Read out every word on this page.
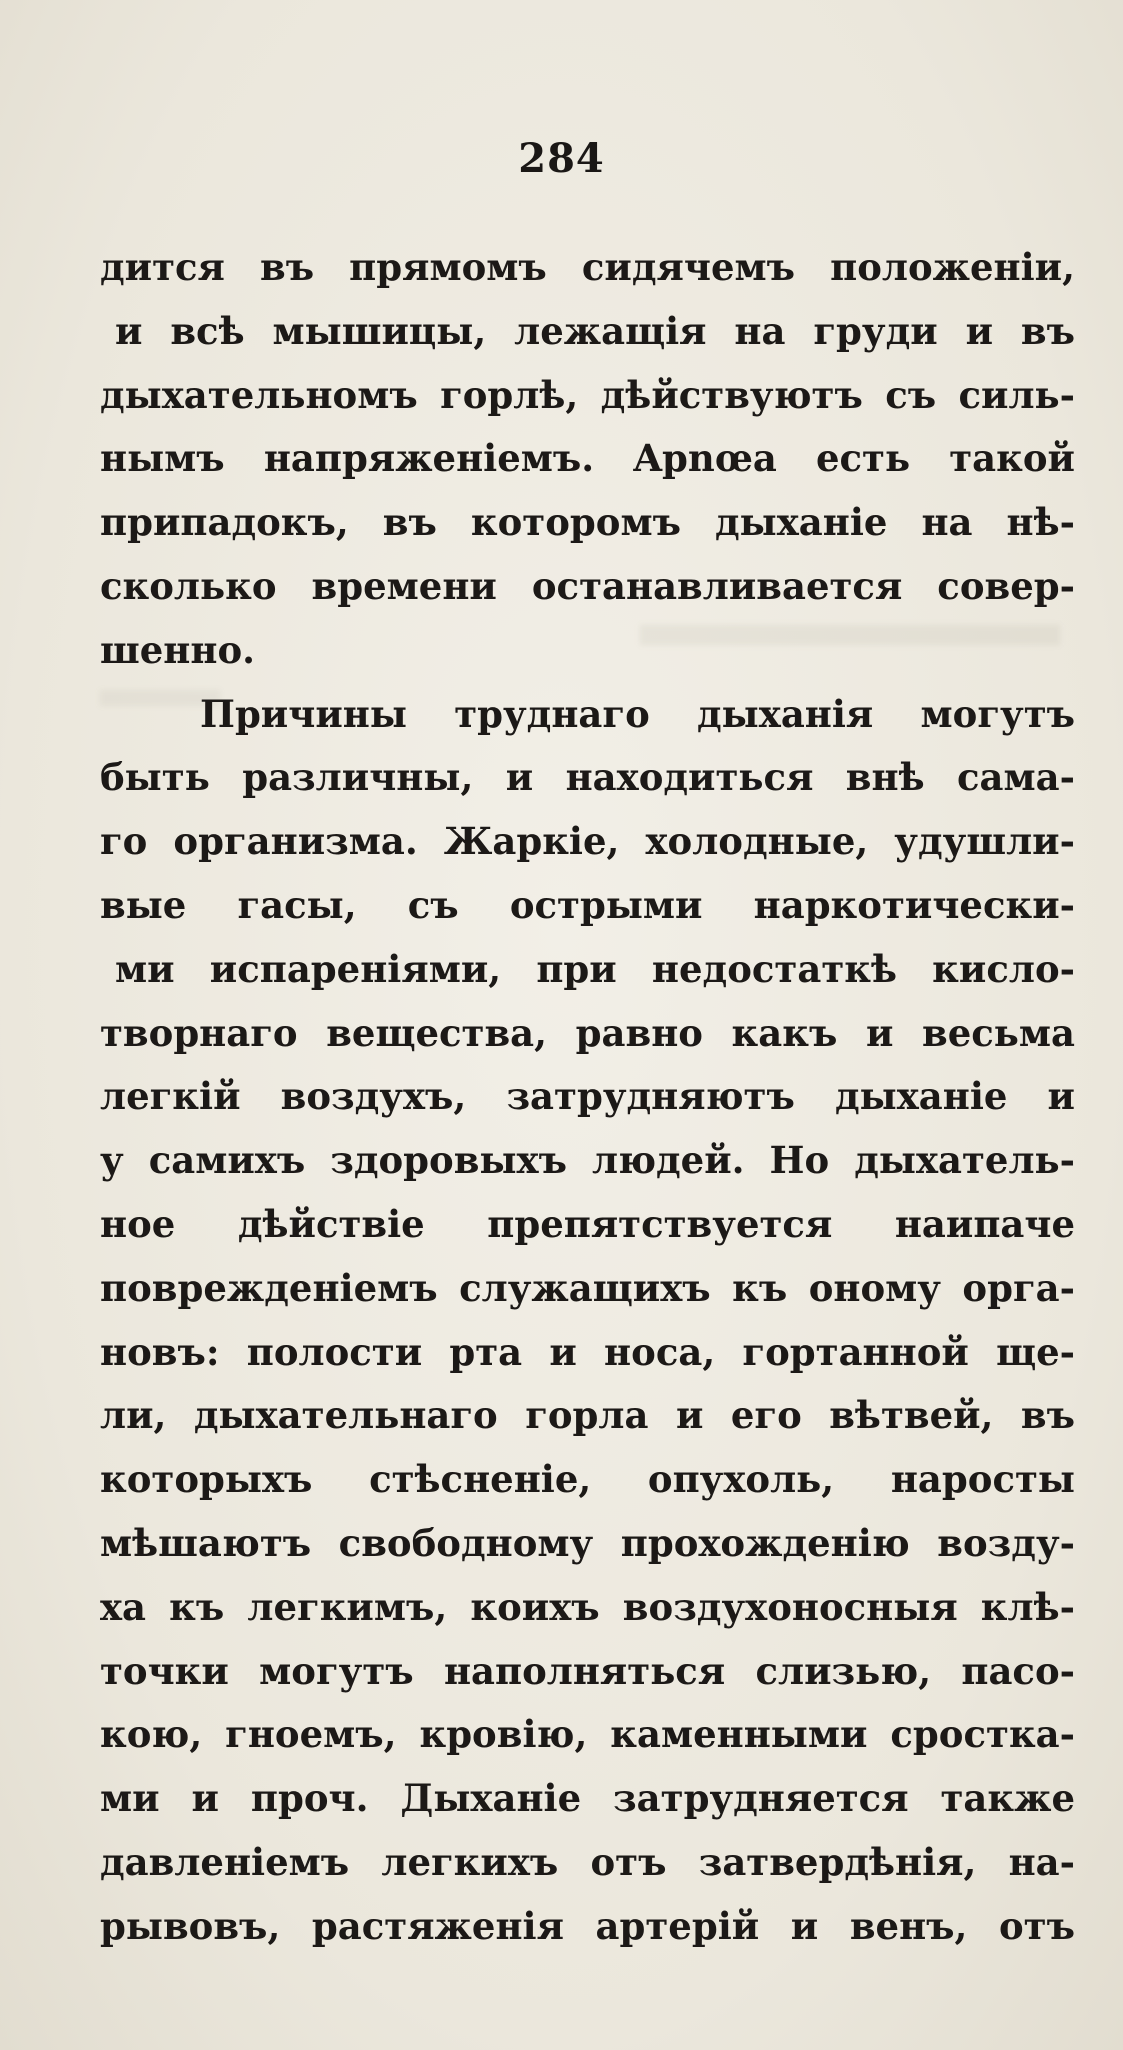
284
дится въ прямомъ сидячемъ положеніи,
и всѣ мышицы, лежащія на груди и въ
дыхательномъ горлѣ, дѣйствуютъ съ силь-
нымъ напряженіемъ. Apnœa есть такой
припадокъ, въ которомъ дыханіе на нѣ-
сколько времени останавливается совер-
шенно.
Причины труднаго дыханія могутъ
быть различны, и находиться внѣ сама-
го организма. Жаркіе, холодные, удушли-
вые гасы, съ острыми наркотически-
ми испареніями, при недостаткѣ кисло-
творнаго вещества, равно какъ и весьма
легкій воздухъ, затрудняютъ дыханіе и
у самихъ здоровыхъ людей. Но дыхатель-
ное дѣйствіе препятствуется наипаче
поврежденіемъ служащихъ къ оному орга-
новъ: полости рта и носа, гортанной ще-
ли, дыхательнаго горла и его вѣтвей, въ
которыхъ стѣсненіе, опухоль, наросты
мѣшаютъ свободному прохожденію возду-
ха къ легкимъ, коихъ воздухоносныя клѣ-
точки могутъ наполняться слизью, пасо-
кою, гноемъ, кровію, каменными сростка-
ми и проч. Дыханіе затрудняется также
давленіемъ легкихъ отъ затвердѣнія, на-
рывовъ, растяженія артерій и венъ, отъ
